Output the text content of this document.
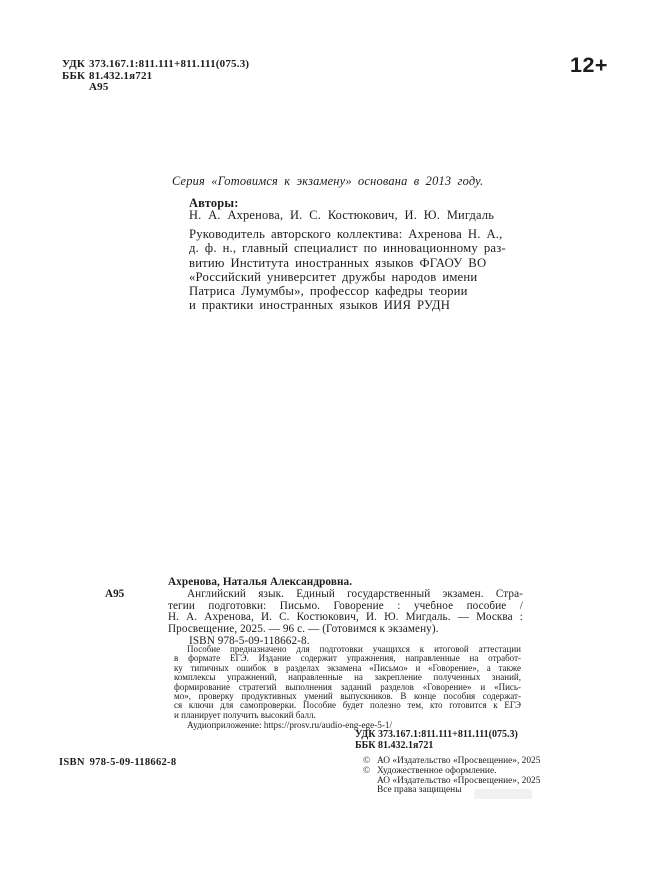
УДК 373.167.1:811.111+811.111(075.3)
ББК 81.432.1я721
А95
12+
Серия «Готовимся к экзамену» основана в 2013 году.
Авторы:
Н. А. Ахренова, И. С. Костюкович, И. Ю. Мигдаль
Руководитель авторского коллектива: Ахренова Н. А.,
д. ф. н., главный специалист по инновационному раз-
витию Института иностранных языков ФГАОУ ВО
«Российский университет дружбы народов имени
Патриса Лумумбы», профессор кафедры теории
и практики иностранных языков ИИЯ РУДН
А95
Ахренова, Наталья Александровна.
Английский язык. Единый государственный экзамен. Стра-
тегии подготовки: Письмо. Говорение : учебное пособие /
Н. А. Ахренова, И. С. Костюкович, И. Ю. Мигдаль. — Москва :
Просвещение, 2025. — 96 с. — (Готовимся к экзамену).
ISBN 978-5-09-118662-8.
Пособие предназначено для подготовки учащихся к итоговой аттестации
в формате ЕГЭ. Издание содержит упражнения, направленные на отработ-
ку типичных ошибок в разделах экзамена «Письмо» и «Говорение», а также
комплексы упражнений, направленные на закрепление полученных знаний,
формирование стратегий выполнения заданий разделов «Говорение» и «Пись-
мо», проверку продуктивных умений выпускников. В конце пособия содержат-
ся ключи для самопроверки. Пособие будет полезно тем, кто готовится к ЕГЭ
и планирует получить высокий балл.
Аудиоприложение: https://prosv.ru/audio-eng-ege-5-1/
УДК 373.167.1:811.111+811.111(075.3)
ББК 81.432.1я721
ISBN 978-5-09-118662-8	© АО «Издательство «Просвещение», 2025
© Художественное оформление.
АО «Издательство «Просвещение», 2025
Все права защищены
